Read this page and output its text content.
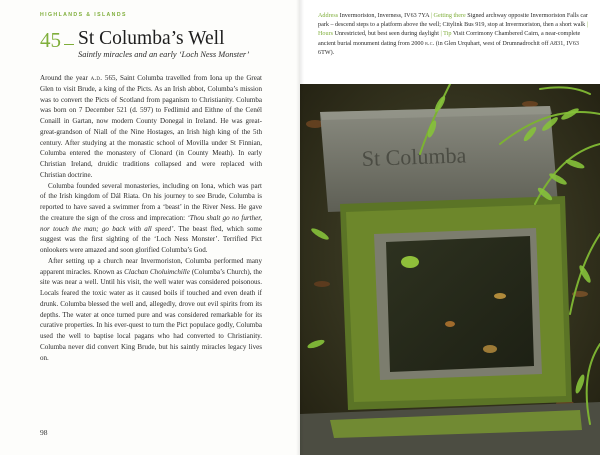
HIGHLANDS & ISLANDS
45 St Columba’s Well
Saintly miracles and an early ‘Loch Ness Monster’

Around the year a.d. 565, Saint Columba travelled from Iona up the Great Glen to visit Brude, a king of the Picts. As an Irish abbot, Columba’s mission was to convert the Picts of Scotland from paganism to Christianity. Columba was born on 7 December 521 (d. 597) to Fedlimid and Eithne of the Cenél Conaill in Gartan, now modern County Donegal in Ireland. He was great-great-grandson of Niall of the Nine Hostages, an Irish high king of the 5th century. After studying at the monastic school of Movilla under St Finnian, Columba entered the monastery of Clonard (in County Meath). In early Christian Ireland, druidic traditions collapsed and were replaced with Christian doctrine.

Columba founded several monasteries, including on Iona, which was part of the Irish kingdom of Dál Riata. On his journey to see Brude, Columba is reported to have saved a swimmer from a ‘beast’ in the River Ness. He gave the creature the sign of the cross and imprecation: ‘Thou shalt go no further, nor touch the man; go back with all speed’. The beast fled, which some suggest was the first sighting of the ‘Loch Ness Monster’. Terrified Pict onlookers were amazed and soon glorified Columba’s God.

After setting up a church near Invermoriston, Columba performed many apparent miracles. Known as Clachan Choluimchille (Columba’s Church), the site was near a well. Until his visit, the well water was considered poisonous. Locals feared the toxic water as it caused boils if touched and even death if drunk. Columba blessed the well and, allegedly, drove out evil spirits from its depths. The water at once turned pure and was considered remarkable for its curative properties. In his ever-quest to turn the Pict populace godly, Columba used the well to baptise local pagans who had converted to Christianity. Columba never did convert King Brude, but his saintly miracles legacy lives on.

98
Address Invermoriston, Inverness, IV63 7YA | Getting there Signed archway opposite Invermoriston Falls car park – descend steps to a platform above the well; Citylink Bus 919, stop at Invermoriston, then a short walk | Hours Unrestricted, but best seen during daylight | Tip Visit Corrimony Chambered Cairn, a near-complete ancient burial monument dating from 2000 b.c. (in Glen Urquhart, west of Drumnadrochit off A831, IV63 6TW).
St Columba
